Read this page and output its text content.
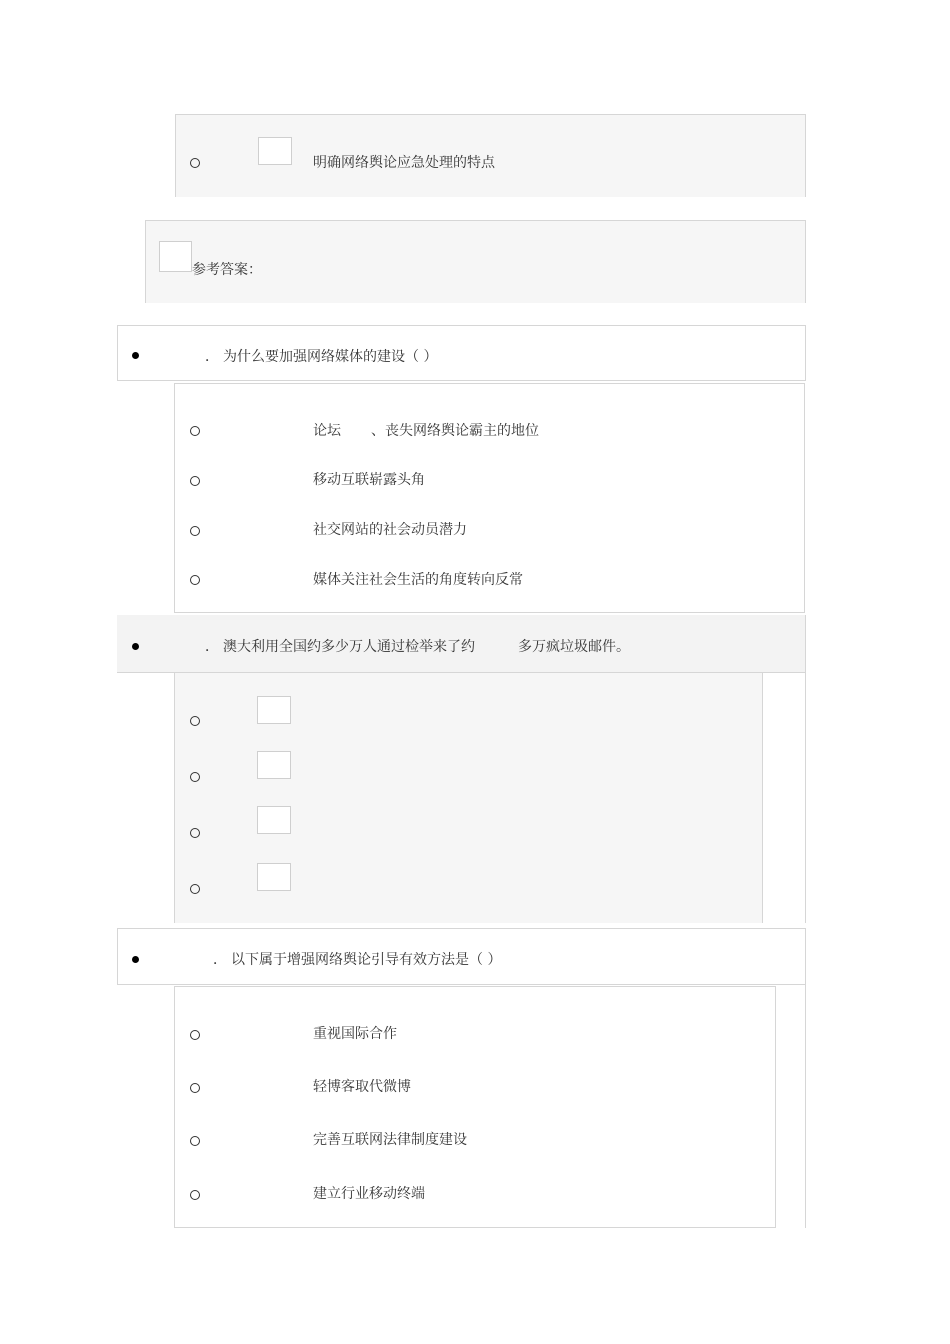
明确网络舆论应急处理的特点
参考答案：
． 为什么要加强网络媒体的建设（ ）
论坛 、丧失网络舆论霸主的地位
移动互联崭露头角
社交网站的社会动员潜力
媒体关注社会生活的角度转向反常
． 澳大利用全国约多少万人通过检举来了约	多万疯垃圾邮件。
． 以下属于增强网络舆论引导有效方法是（ ）
重视国际合作
轻博客取代微博
完善互联网法律制度建设
建立行业移动终端
